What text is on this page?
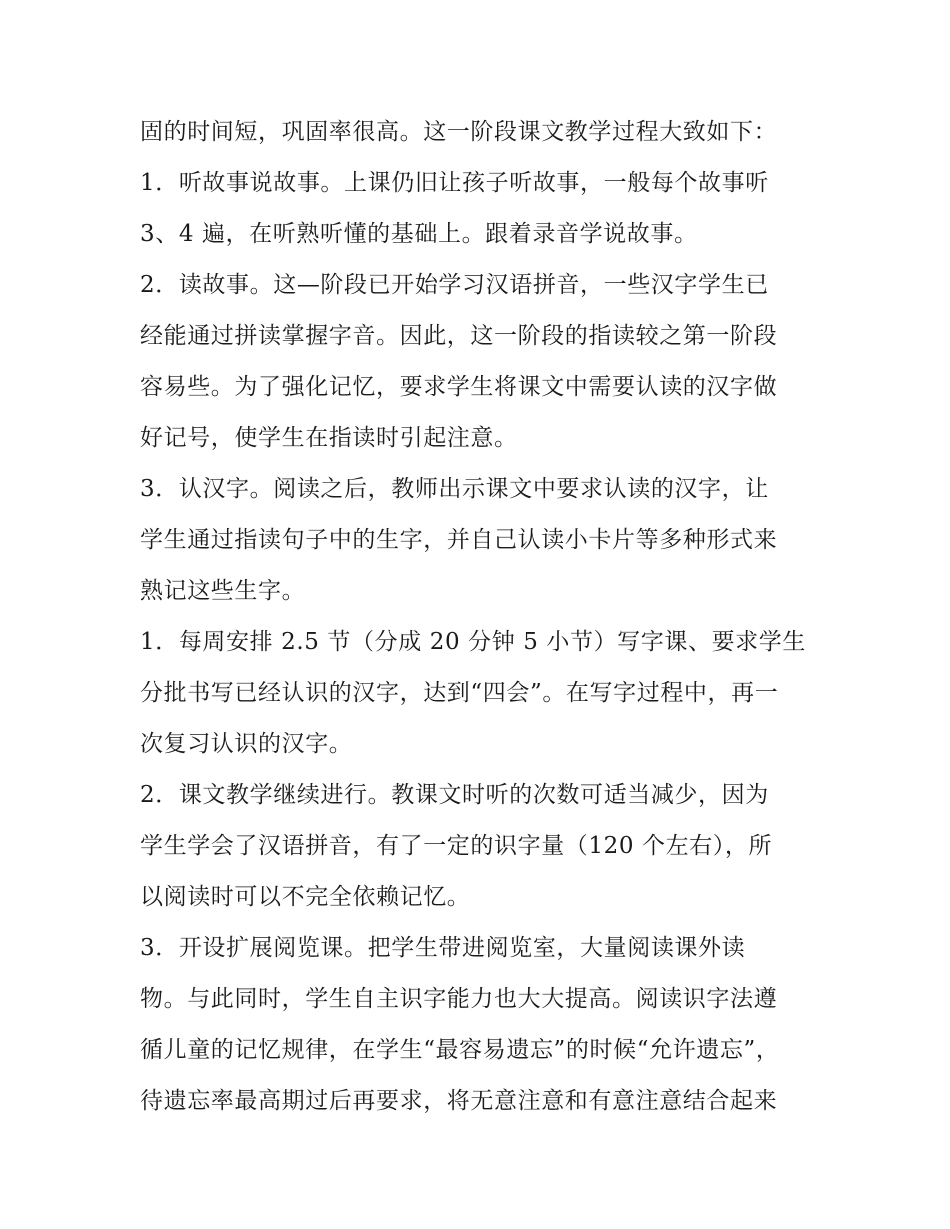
固的时间短，巩固率很高。这一阶段课文教学过程大致如下：
1．听故事说故事。上课仍旧让孩子听故事，一般每个故事听
3、4 遍，在听熟听懂的基础上。跟着录音学说故事。
2．读故事。这—阶段已开始学习汉语拼音，一些汉字学生已
经能通过拼读掌握字音。因此，这一阶段的指读较之第一阶段
容易些。为了强化记忆，要求学生将课文中需要认读的汉字做
好记号，使学生在指读时引起注意。
3．认汉字。阅读之后，教师出示课文中要求认读的汉字，让
学生通过指读句子中的生字，并自己认读小卡片等多种形式来
熟记这些生字。
1．每周安排 2.5 节（分成 20 分钟 5 小节）写字课、要求学生
分批书写已经认识的汉字，达到“四会”。在写字过程中，再一
次复习认识的汉字。
2．课文教学继续进行。教课文时听的次数可适当减少，因为
学生学会了汉语拼音，有了一定的识字量（120 个左右），所
以阅读时可以不完全依赖记忆。
3．开设扩展阅览课。把学生带进阅览室，大量阅读课外读
物。与此同时，学生自主识字能力也大大提高。阅读识字法遵
循儿童的记忆规律，在学生“最容易遗忘”的时候“允许遗忘”，
待遗忘率最高期过后再要求，将无意注意和有意注意结合起来
